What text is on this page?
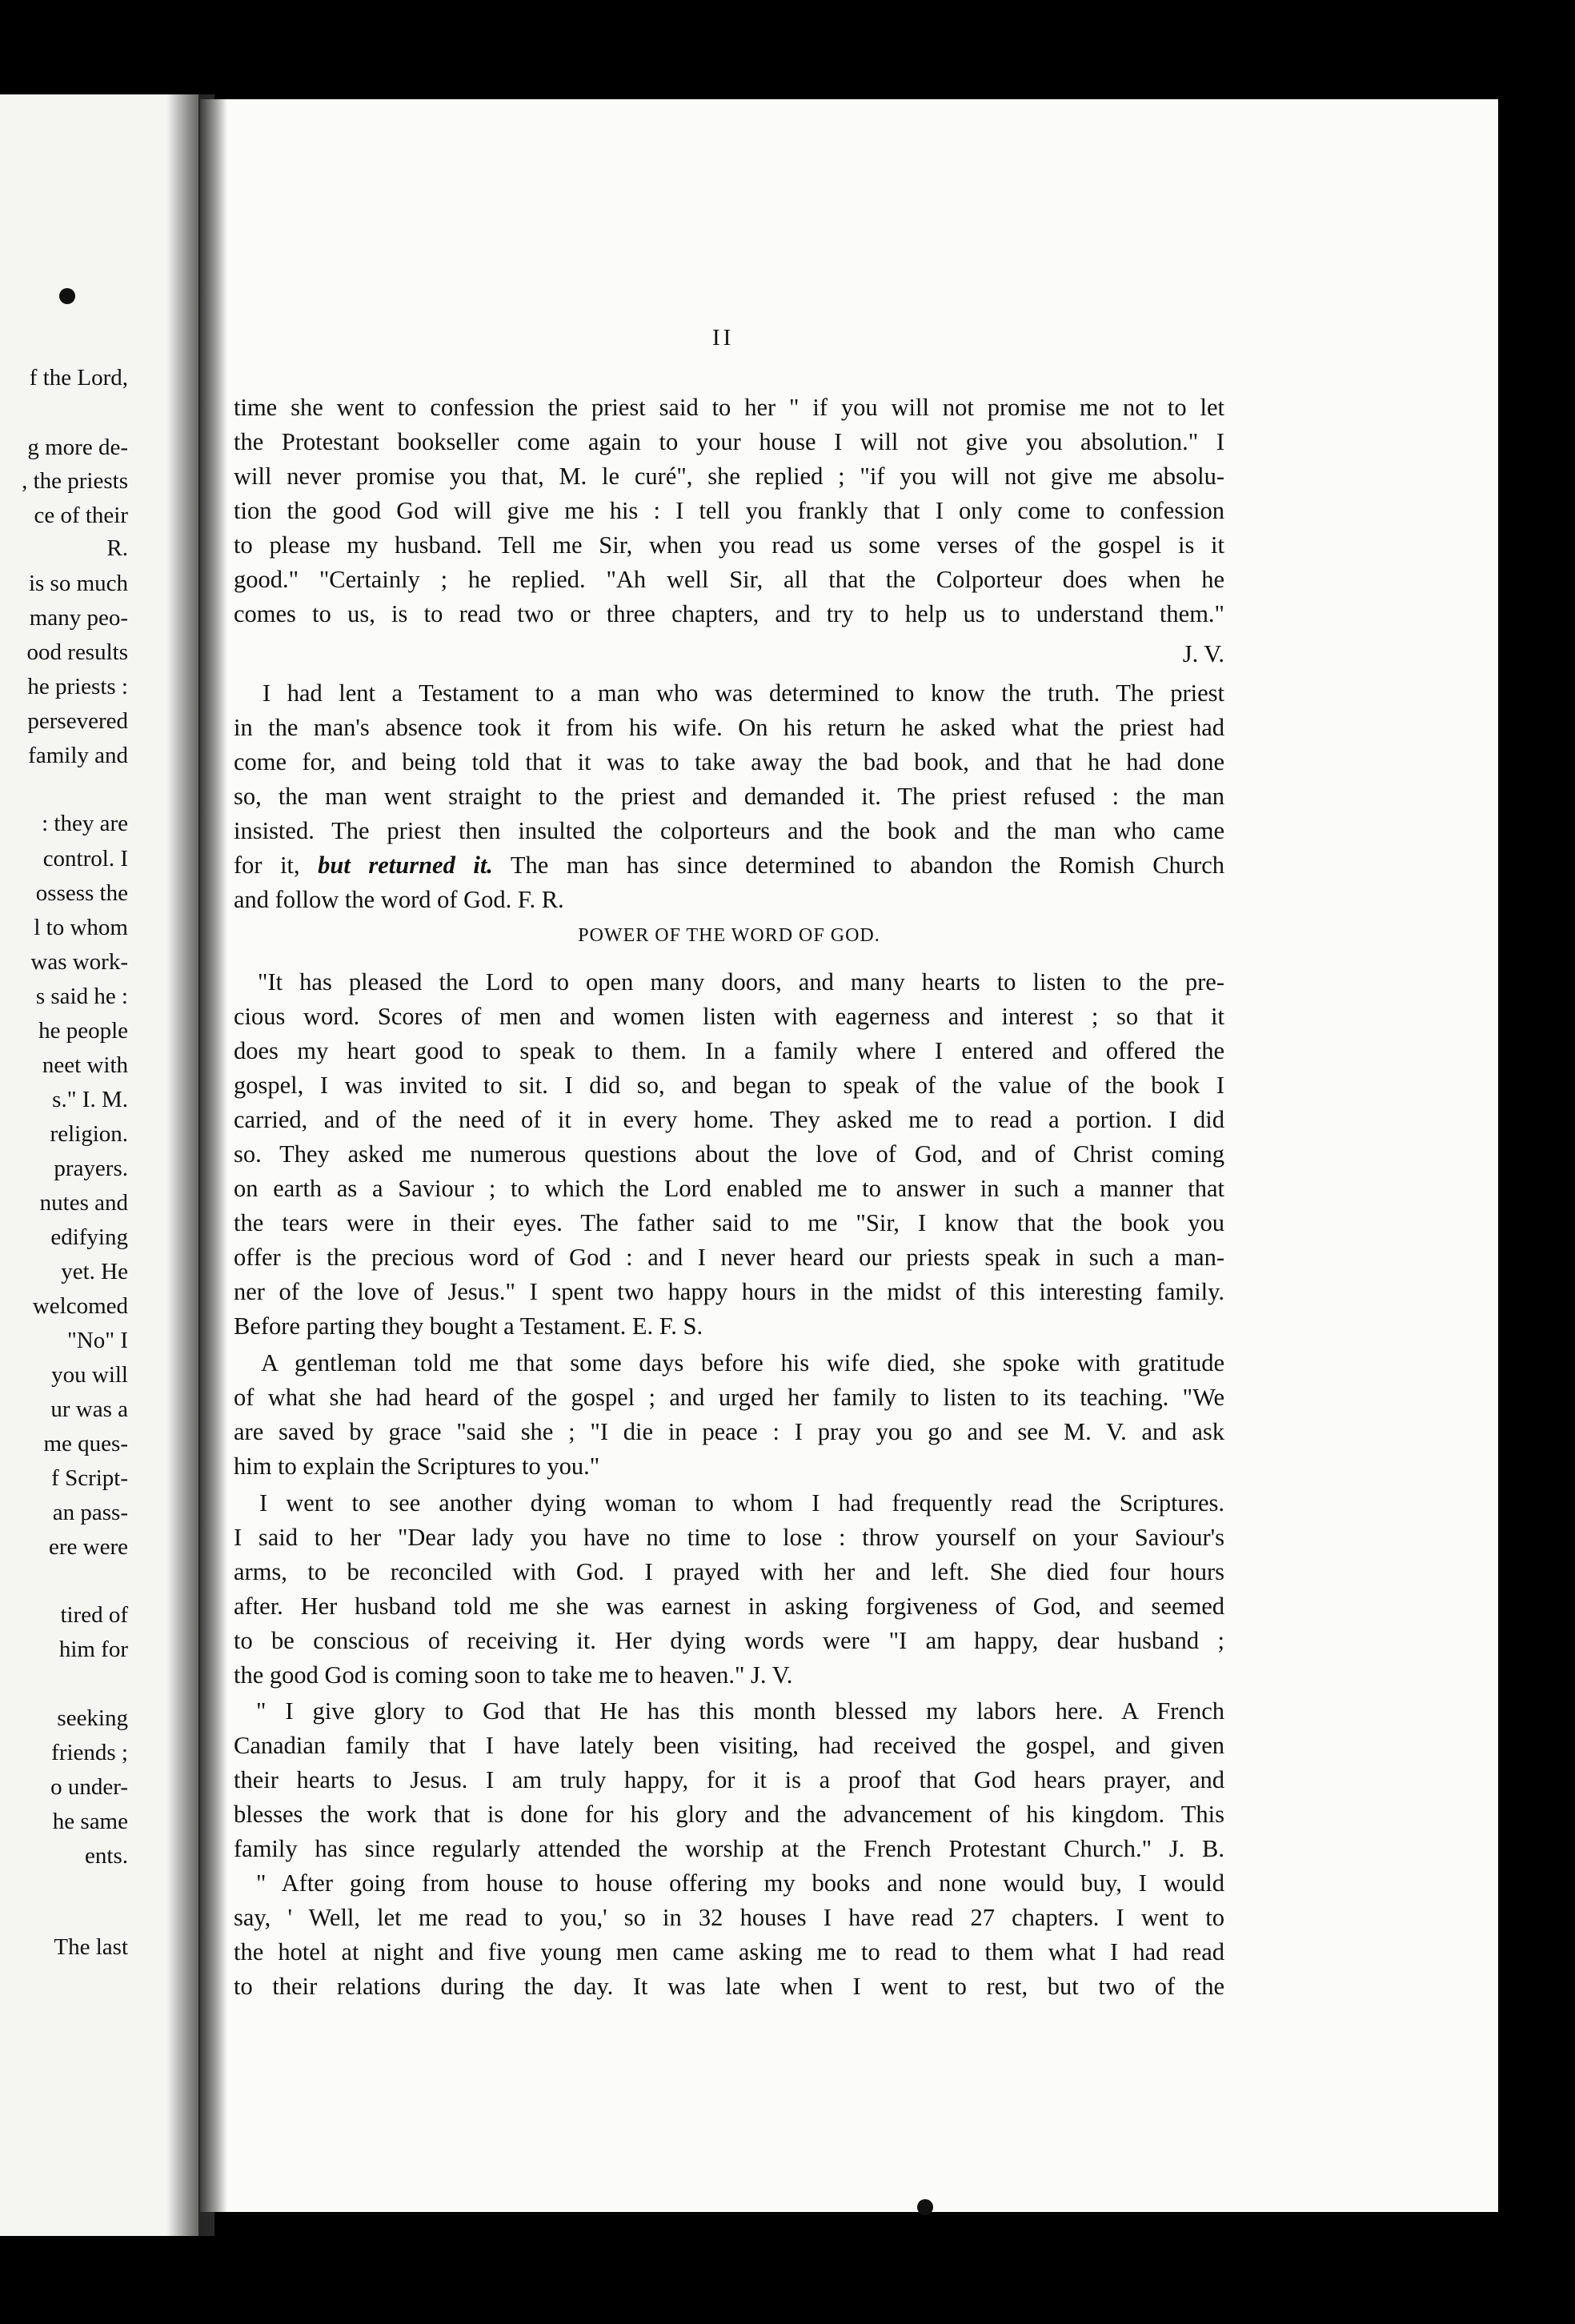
f the Lord,
g more de-
, the priests
ce of their
R.
is so much
many peo-
ood results
he priests :
persevered
family and
: they are
control. I
ossess the
l to whom
was work-
s said he :
he people
neet with
s." I. M.
religion.
prayers.
nutes and
edifying
yet. He
welcomed
"No" I
you will
ur was a
me ques-
f Script-
an pass-
ere were
tired of
him for
seeking
friends ;
o under-
he same
ents.
The last
II
time she went to confession the priest said to her " if you will not promise me not to let
the Protestant bookseller come again to your house I will not give you absolution." I
will never promise you that, M. le curé", she replied ; "if you will not give me absolu-
tion the good God will give me his : I tell you frankly that I only come to confession
to please my husband. Tell me Sir, when you read us some verses of the gospel is it
good." "Certainly ; he replied. "Ah well Sir, all that the Colporteur does when he
comes to us, is to read two or three chapters, and try to help us to understand them."
J. V.
I had lent a Testament to a man who was determined to know the truth. The priest
in the man's absence took it from his wife. On his return he asked what the priest had
come for, and being told that it was to take away the bad book, and that he had done
so, the man went straight to the priest and demanded it. The priest refused : the man
insisted. The priest then insulted the colporteurs and the book and the man who came
for it, but returned it. The man has since determined to abandon the Romish Church
and follow the word of God. F. R.
POWER OF THE WORD OF GOD.
"It has pleased the Lord to open many doors, and many hearts to listen to the pre-
cious word. Scores of men and women listen with eagerness and interest ; so that it
does my heart good to speak to them. In a family where I entered and offered the
gospel, I was invited to sit. I did so, and began to speak of the value of the book I
carried, and of the need of it in every home. They asked me to read a portion. I did
so. They asked me numerous questions about the love of God, and of Christ coming
on earth as a Saviour ; to which the Lord enabled me to answer in such a manner that
the tears were in their eyes. The father said to me "Sir, I know that the book you
offer is the precious word of God : and I never heard our priests speak in such a man-
ner of the love of Jesus." I spent two happy hours in the midst of this interesting family.
Before parting they bought a Testament. E. F. S.
A gentleman told me that some days before his wife died, she spoke with gratitude
of what she had heard of the gospel ; and urged her family to listen to its teaching. "We
are saved by grace "said she ; "I die in peace : I pray you go and see M. V. and ask
him to explain the Scriptures to you."
I went to see another dying woman to whom I had frequently read the Scriptures.
I said to her "Dear lady you have no time to lose : throw yourself on your Saviour's
arms, to be reconciled with God. I prayed with her and left. She died four hours
after. Her husband told me she was earnest in asking forgiveness of God, and seemed
to be conscious of receiving it. Her dying words were "I am happy, dear husband ;
the good God is coming soon to take me to heaven." J. V.
" I give glory to God that He has this month blessed my labors here. A French
Canadian family that I have lately been visiting, had received the gospel, and given
their hearts to Jesus. I am truly happy, for it is a proof that God hears prayer, and
blesses the work that is done for his glory and the advancement of his kingdom. This
family has since regularly attended the worship at the French Protestant Church." J. B.
" After going from house to house offering my books and none would buy, I would
say, ' Well, let me read to you,' so in 32 houses I have read 27 chapters. I went to
the hotel at night and five young men came asking me to read to them what I had read
to their relations during the day. It was late when I went to rest, but two of the
